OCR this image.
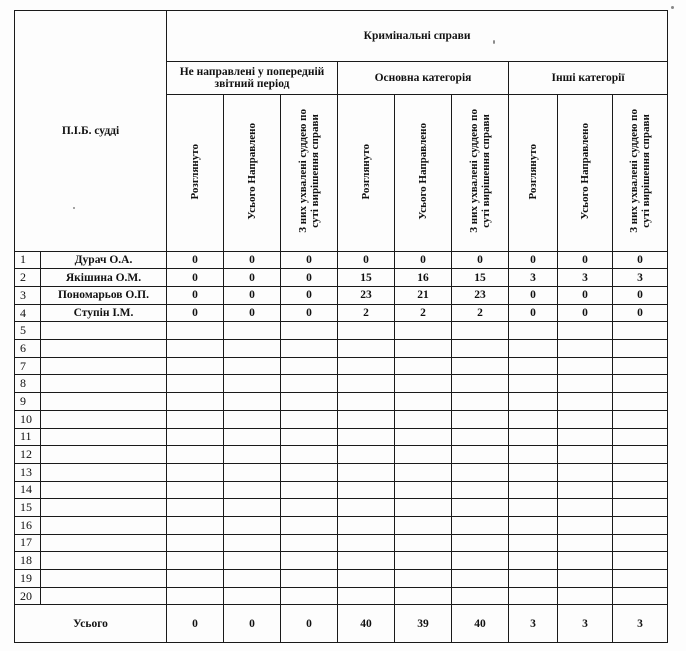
П.І.Б. судді		Кримінальні справи								
		Не направлені у попередній звітний період			Основна категорія			Інші категорії		
		Розглянуто	Усього Направлено	З них ухвалені суддею по
суті вирішення справи	Розглянуто	Усього Направлено	З них ухвалені суддею по
суті вирішення справи	Розглянуто	Усього Направлено	З них ухвалені суддею по
суті вирішення справи
1	Дурач О.А.	0	0	0	0	0	0	0	0	0
2	Якішина О.М.	0	0	0	15	16	15	3	3	3
3	Пономарьов О.П.	0	0	0	23	21	23	0	0	0
4	Ступін І.М.	0	0	0	2	2	2	0	0	0
5										
6										
7										
8										
9										
10										
11										
12										
13										
14										
15										
16										
17										
18										
19										
20										
Усього		0	0	0	40	39	40	3	3	3
